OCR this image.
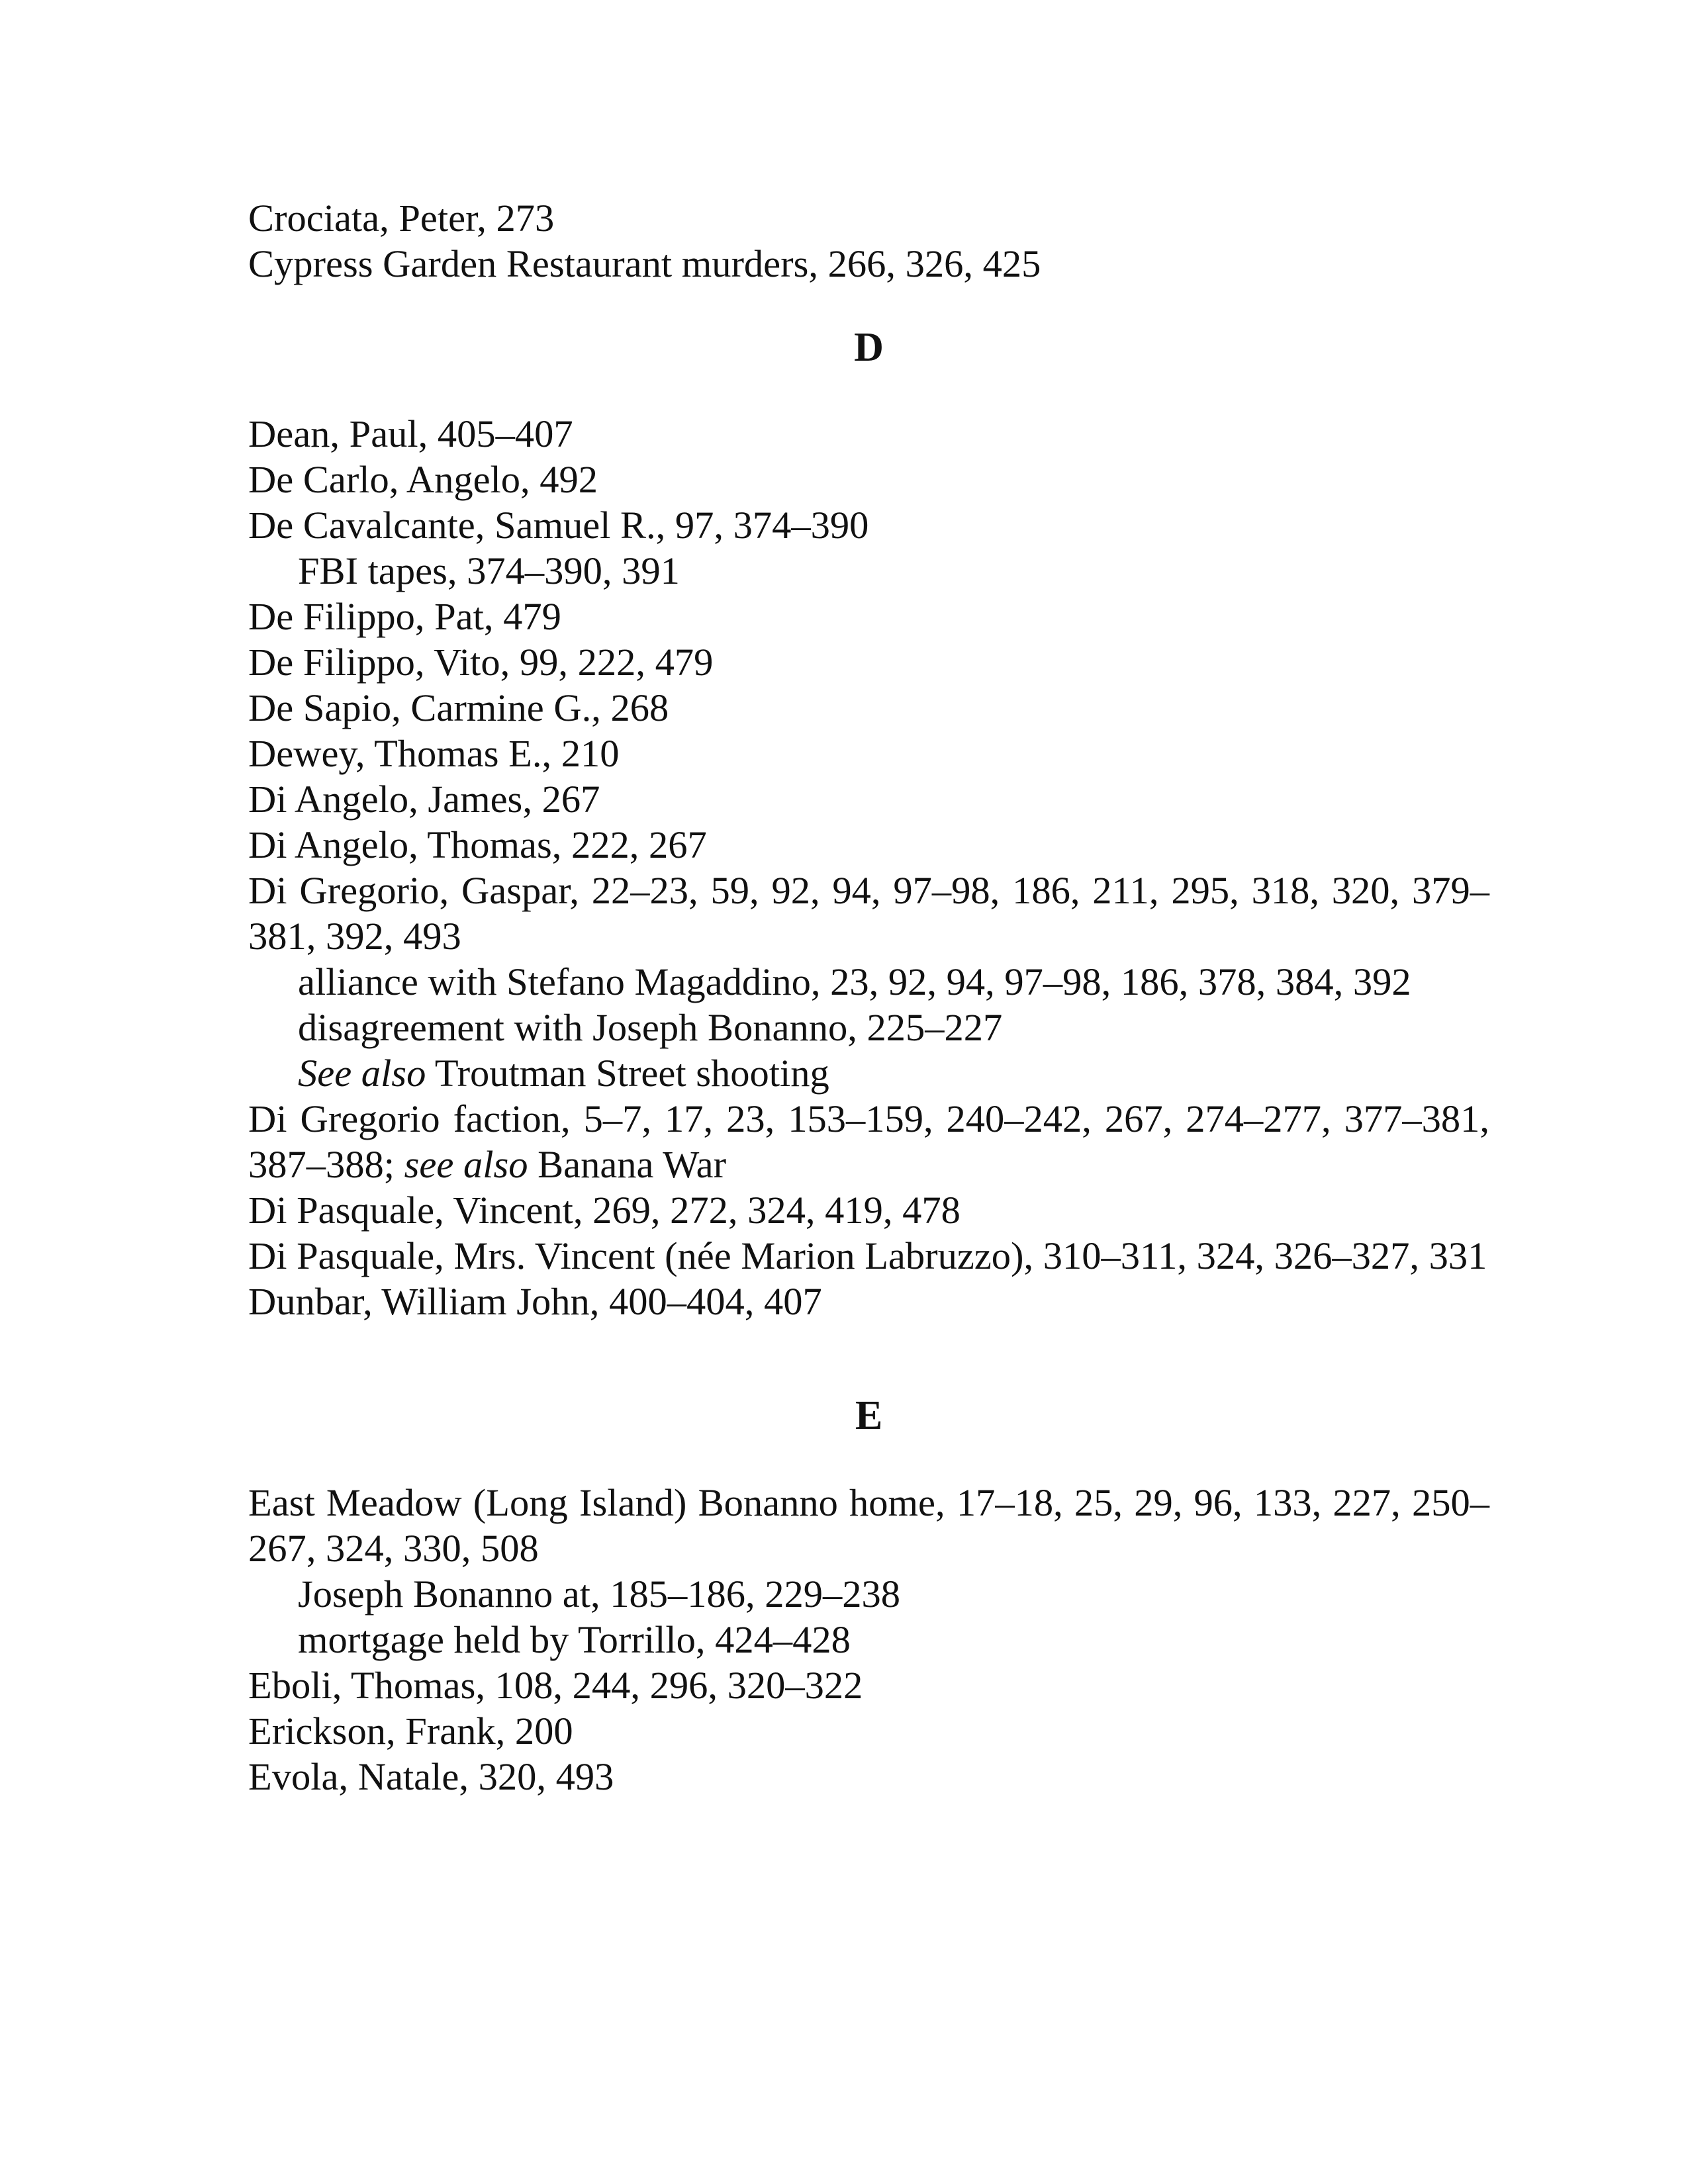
Crociata, Peter, 273
Cypress Garden Restaurant murders, 266, 326, 425
D
Dean, Paul, 405–407
De Carlo, Angelo, 492
De Cavalcante, Samuel R., 97, 374–390
FBI tapes, 374–390, 391
De Filippo, Pat, 479
De Filippo, Vito, 99, 222, 479
De Sapio, Carmine G., 268
Dewey, Thomas E., 210
Di Angelo, James, 267
Di Angelo, Thomas, 222, 267
Di Gregorio, Gaspar, 22–23, 59, 92, 94, 97–98, 186, 211, 295, 318, 320, 379–381, 392, 493
alliance with Stefano Magaddino, 23, 92, 94, 97–98, 186, 378, 384, 392
disagreement with Joseph Bonanno, 225–227
See also Troutman Street shooting
Di Gregorio faction, 5–7, 17, 23, 153–159, 240–242, 267, 274–277, 377–381, 387–388; see also Banana War
Di Pasquale, Vincent, 269, 272, 324, 419, 478
Di Pasquale, Mrs. Vincent (née Marion Labruzzo), 310–311, 324, 326–327, 331
Dunbar, William John, 400–404, 407
E
East Meadow (Long Island) Bonanno home, 17–18, 25, 29, 96, 133, 227, 250–267, 324, 330, 508
Joseph Bonanno at, 185–186, 229–238
mortgage held by Torrillo, 424–428
Eboli, Thomas, 108, 244, 296, 320–322
Erickson, Frank, 200
Evola, Natale, 320, 493
